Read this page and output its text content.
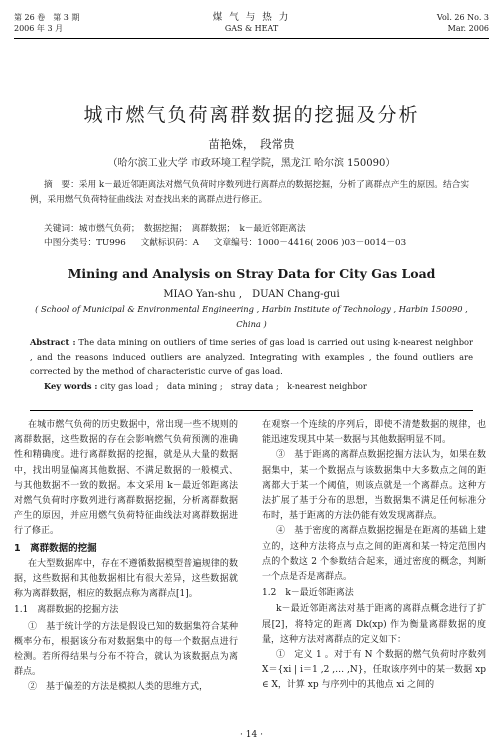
第 26 卷　第 3 期
2006 年 3 月
煤 气 与 热 力
GAS & HEAT
Vol. 26 No. 3
Mar. 2006
城市燃气负荷离群数据的挖掘及分析
苗艳姝，　段常贵
（哈尔滨工业大学 市政环境工程学院，黑龙江 哈尔滨 150090）

摘　要：采用 k－最近邻距离法对燃气负荷时序数列进行离群点的数据挖掘，分析了离群点产生的原因。结合实例，采用燃气负荷特征曲线法 对查找出来的离群点进行修正。

关键词：城市燃气负荷；　数据挖掘；　离群数据；　k－最近邻距离法
中图分类号：TU996 文献标识码：A 文章编号：1000－4416( 2006 )03－0014－03
Mining and Analysis on Stray Data for City Gas Load
MIAO Yan-shu ,　DUAN Chang-gui
( School of Municipal & Environmental Engineering , Harbin Institute of Technology , Harbin 150090 , China )
Abstract : The data mining on outliers of time series of gas load is carried out using k-nearest neighbor , and the reasons induced outliers are analyzed. Integrating with examples , the found outliers are corrected by the method of characteristic curve of gas load.
Key words : city gas load ;　data mining ;　stray data ;　k-nearest neighbor

在城市燃气负荷的历史数据中，常出现一些不规则的离群数据，这些数据的存在会影响燃气负荷预测的准确性和精确度。进行离群数据的挖掘，就是从大量的数据中，找出明显偏离其他数据、不满足数据的一般模式、与其他数据不一致的数据。本文采用 k－最近邻距离法对燃气负荷时序数列进行离群数据挖掘，分析离群数据产生的原因，并应用燃气负荷特征曲线法对离群数据进行了修正。

1　离群数据的挖掘

在大型数据库中，存在不遵循数据模型普遍规律的数据，这些数据和其他数据相比有很大差异，这些数据就称为离群数据，相应的数据点称为离群点[1]。

1.1　离群数据的挖掘方法

①　基于统计学的方法是假设已知的数据集符合某种概率分布，根据该分布对数据集中的每一个数据点进行检测。若所得结果与分布不符合，就认为该数据点为离群点。

②　基于偏差的方法是模拟人类的思维方式，

在观察一个连续的序列后，即使不清楚数据的规律，也能迅速发现其中某一数据与其他数据明显不同。

③　基于距离的离群点数据挖掘方法认为，如果在数据集中，某一个数据点与该数据集中大多数点之间的距离都大于某一个阈值，则该点就是一个离群点。这种方法扩展了基于分布的思想，当数据集不满足任何标准分布时，基于距离的方法仍能有效发现离群点。

④　基于密度的离群点数据挖掘是在距离的基础上建立的，这种方法将点与点之间的距离和某一特定范围内点的个数这 2 个参数结合起来，通过密度的概念，判断一个点是否是离群点。

1.2　k－最近邻距离法

k－最近邻距离法对基于距离的离群点概念进行了扩展[2]，将特定的距离 Dk(xp) 作为衡量离群数据的度量，这种方法对离群点的定义如下：

①　定义 1 。对于有 N 个数据的燃气负荷时序数列 X＝{xi | i＝1 ,2 ,… ,N}，任取该序列中的某一数据 xp ∈ X，计算 xp 与序列中的其他点 xi 之间的

· 14 ·
